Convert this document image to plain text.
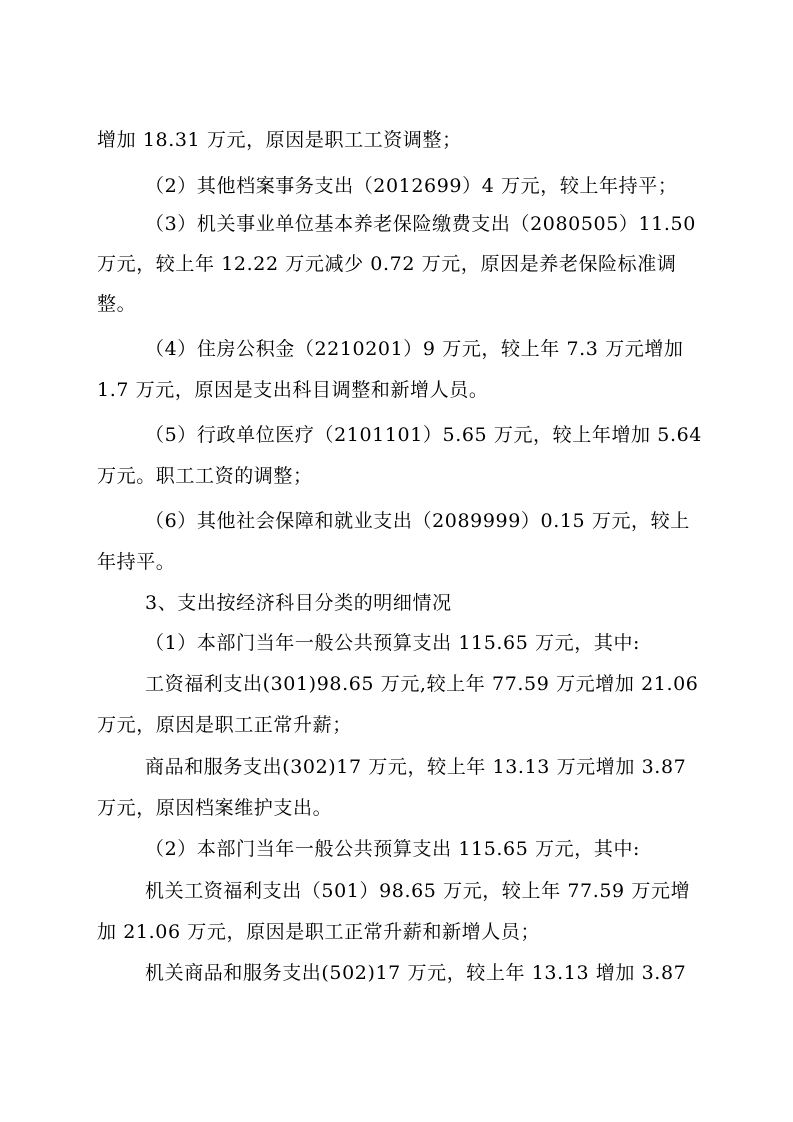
增加 18.31 万元，原因是职工工资调整；
（2）其他档案事务支出（2012699）4 万元，较上年持平；
（3）机关事业单位基本养老保险缴费支出（2080505）11.50
万元，较上年 12.22 万元减少 0.72 万元，原因是养老保险标准调
整。
（4）住房公积金（2210201）9 万元，较上年 7.3 万元增加
1.7 万元，原因是支出科目调整和新增人员。
（5）行政单位医疗（2101101）5.65 万元，较上年增加 5.64
万元。职工工资的调整；
（6）其他社会保障和就业支出（2089999）0.15 万元，较上
年持平。
3、支出按经济科目分类的明细情况
（1）本部门当年一般公共预算支出 115.65 万元，其中:
工资福利支出(301)98.65 万元,较上年 77.59 万元增加 21.06
万元，原因是职工正常升薪；
商品和服务支出(302)17 万元，较上年 13.13 万元增加 3.87
万元，原因档案维护支出。
（2）本部门当年一般公共预算支出 115.65 万元，其中:
机关工资福利支出（501）98.65 万元，较上年 77.59 万元增
加 21.06 万元，原因是职工正常升薪和新增人员；
机关商品和服务支出(502)17 万元，较上年 13.13 增加 3.87
